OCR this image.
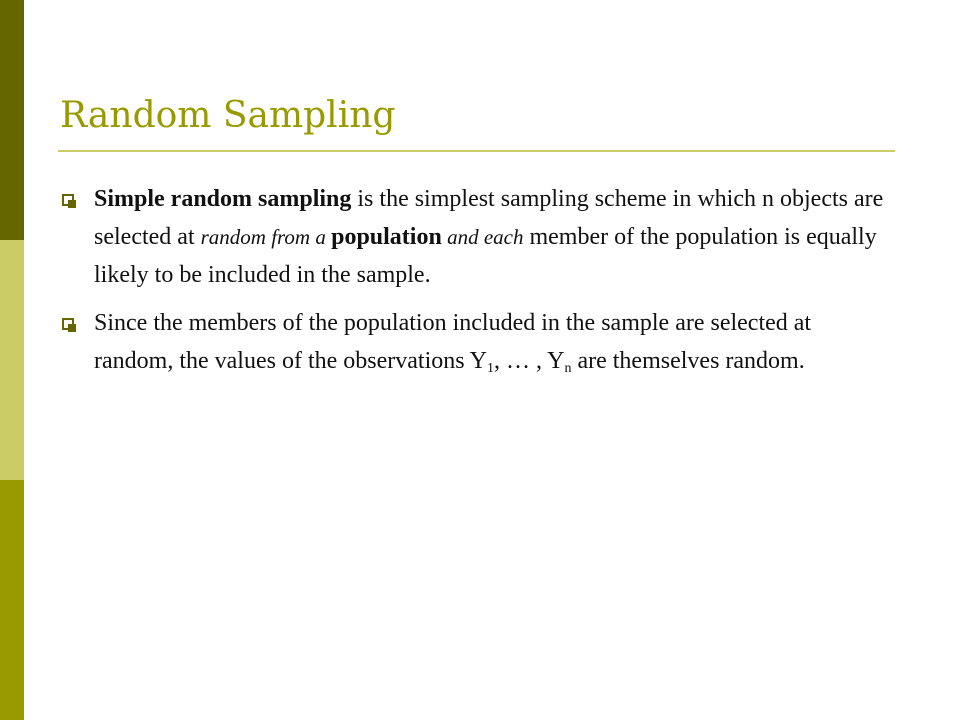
Random Sampling
Simple random sampling is the simplest sampling scheme in which n objects are selected at random from a population and each member of the population is equally likely to be included in the sample.
Since the members of the population included in the sample are selected at random, the values of the observations $Y_1$, … , $Y_n$ are themselves random.
